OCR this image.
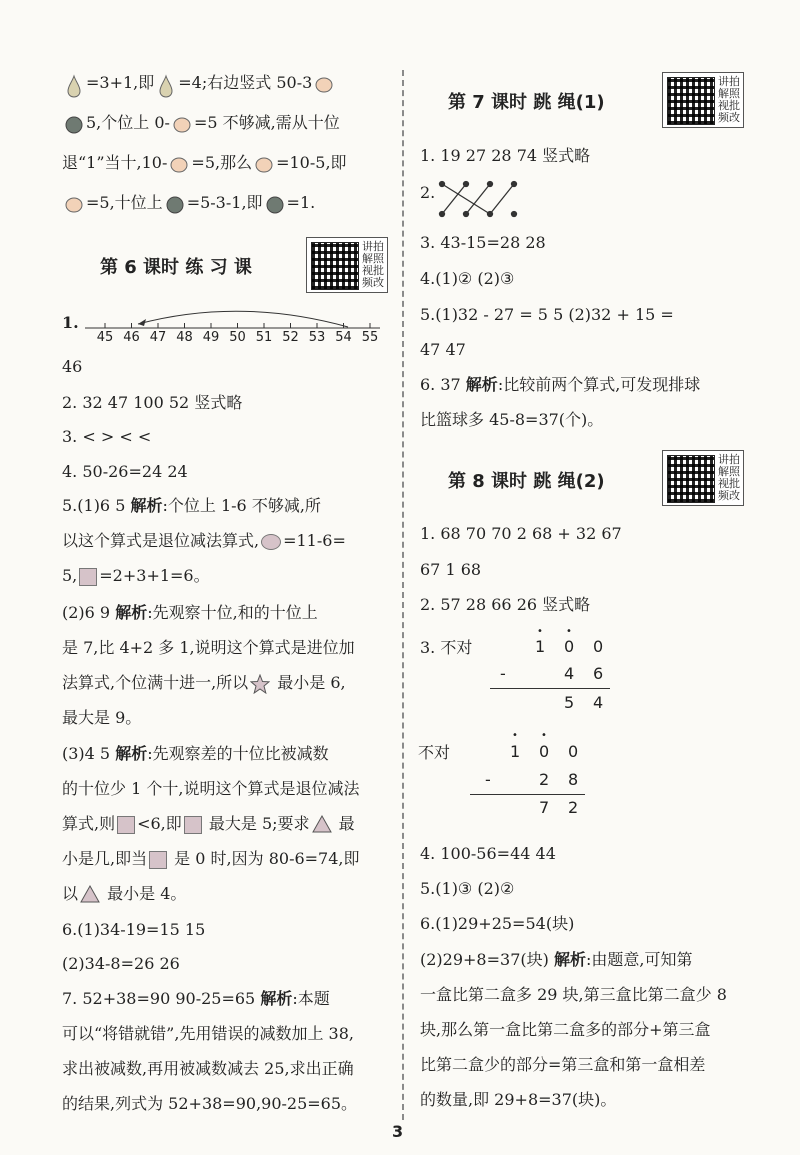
=3+1,即 =4;右边竖式 50-3
5,个位上 0- =5 不够减,需从十位
退“1”当十,10- =5,那么 =10-5,即
=5,十位上 =5-3-1,即 =1.
第 6 课时 练 习 课
讲拍解照视批频改
1.
45 46 47 48 49 50 51 52 53 54 55
46
2. 32 47 100 52 竖式略
3. < > < <
4. 50-26=24 24
5.(1)6 5 解析:个位上 1-6 不够减,所
以这个算式是退位减法算式, =11-6=
5, =2+3+1=6。
(2)6 9 解析:先观察十位,和的十位上
是 7,比 4+2 多 1,说明这个算式是进位加
法算式,个位满十进一,所以 最小是 6,
最大是 9。
(3)4 5 解析:先观察差的十位比被减数
的十位少 1 个十,说明这个算式是退位减法
算式,则 <6,即 最大是 5;要求 最
小是几,即当 是 0 时,因为 80-6=74,即
以 最小是 4。
6.(1)34-19=15 15
(2)34-8=26 26
7. 52+38=90 90-25=65 解析:本题
可以“将错就错”,先用错误的减数加上 38,
求出被减数,再用被减数减去 25,求出正确
的结果,列式为 52+38=90,90-25=65。
第 7 课时 跳 绳(1)
讲拍解照视批频改
1. 19 27 28 74 竖式略
2.
3. 43-15=28 28
4.(1)② (2)③
5.(1)32 - 27 = 5 5 (2)32 + 15 =
47 47
6. 37 解析:比较前两个算式,可发现排球
比篮球多 45-8=37(个)。
第 8 课时 跳 绳(2)
讲拍解照视批频改
1. 68 70 70 2 68 + 32 67
67 1 68
2. 57 28 66 26 竖式略
3. 不对
• •
1 0 0
-	4 6
5 4
不对
• •
1 0 0
-	2 8
7 2
4. 100-56=44 44
5.(1)③ (2)②
6.(1)29+25=54(块)
(2)29+8=37(块) 解析:由题意,可知第
一盒比第二盒多 29 块,第三盒比第二盒少 8
块,那么第一盒比第二盒多的部分+第三盒
比第二盒少的部分=第三盒和第一盒相差
的数量,即 29+8=37(块)。
3
